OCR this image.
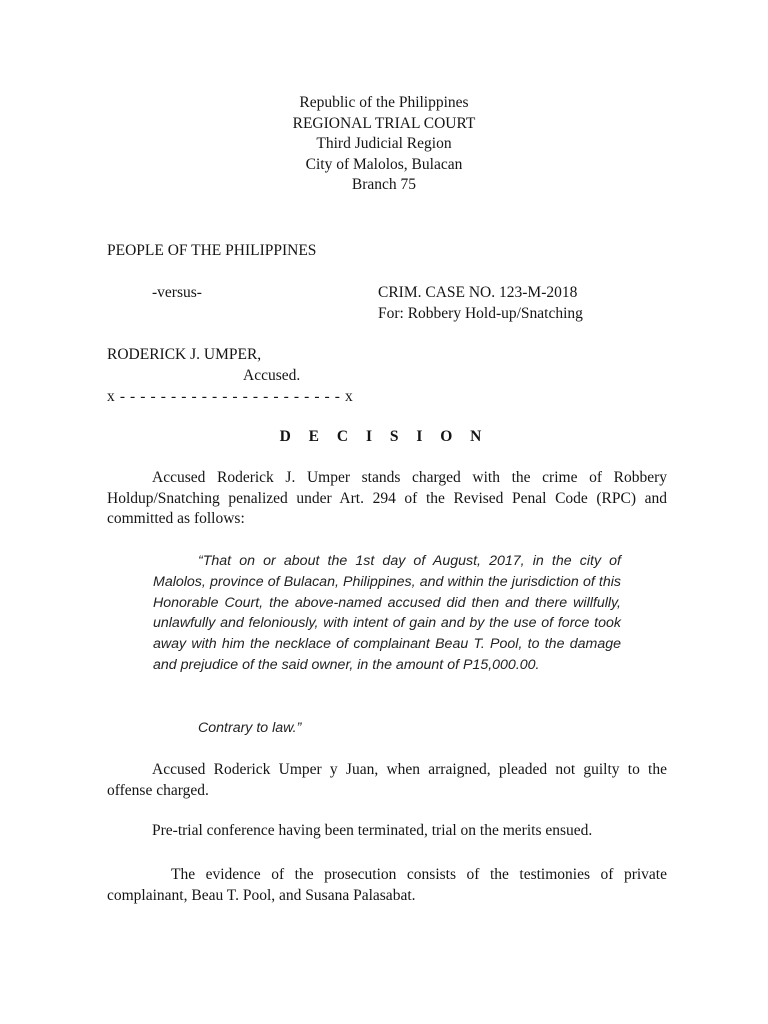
Republic of the Philippines
REGIONAL TRIAL COURT
Third Judicial Region
City of Malolos, Bulacan
Branch 75
PEOPLE OF THE PHILIPPINES
-versus-	CRIM. CASE NO. 123-M-2018
For: Robbery Hold-up/Snatching
RODERICK J. UMPER,
Accused.
x - - - - - - - - - - - - - - - - - - - - - - x
D E C I S I O N

Accused Roderick J. Umper stands charged with the crime of Robbery Holdup/Snatching penalized under Art. 294 of the Revised Penal Code (RPC) and committed as follows:

“That on or about the 1st day of August, 2017, in the city of Malolos, province of Bulacan, Philippines, and within the jurisdiction of this Honorable Court, the above-named accused did then and there willfully, unlawfully and feloniously, with intent of gain and by the use of force took away with him the necklace of complainant Beau T. Pool, to the damage and prejudice of the said owner, in the amount of P15,000.00.

Contrary to law.”

Accused Roderick Umper y Juan, when arraigned, pleaded not guilty to the offense charged.

Pre-trial conference having been terminated, trial on the merits ensued.

The evidence of the prosecution consists of the testimonies of private complainant, Beau T. Pool, and Susana Palasabat.
